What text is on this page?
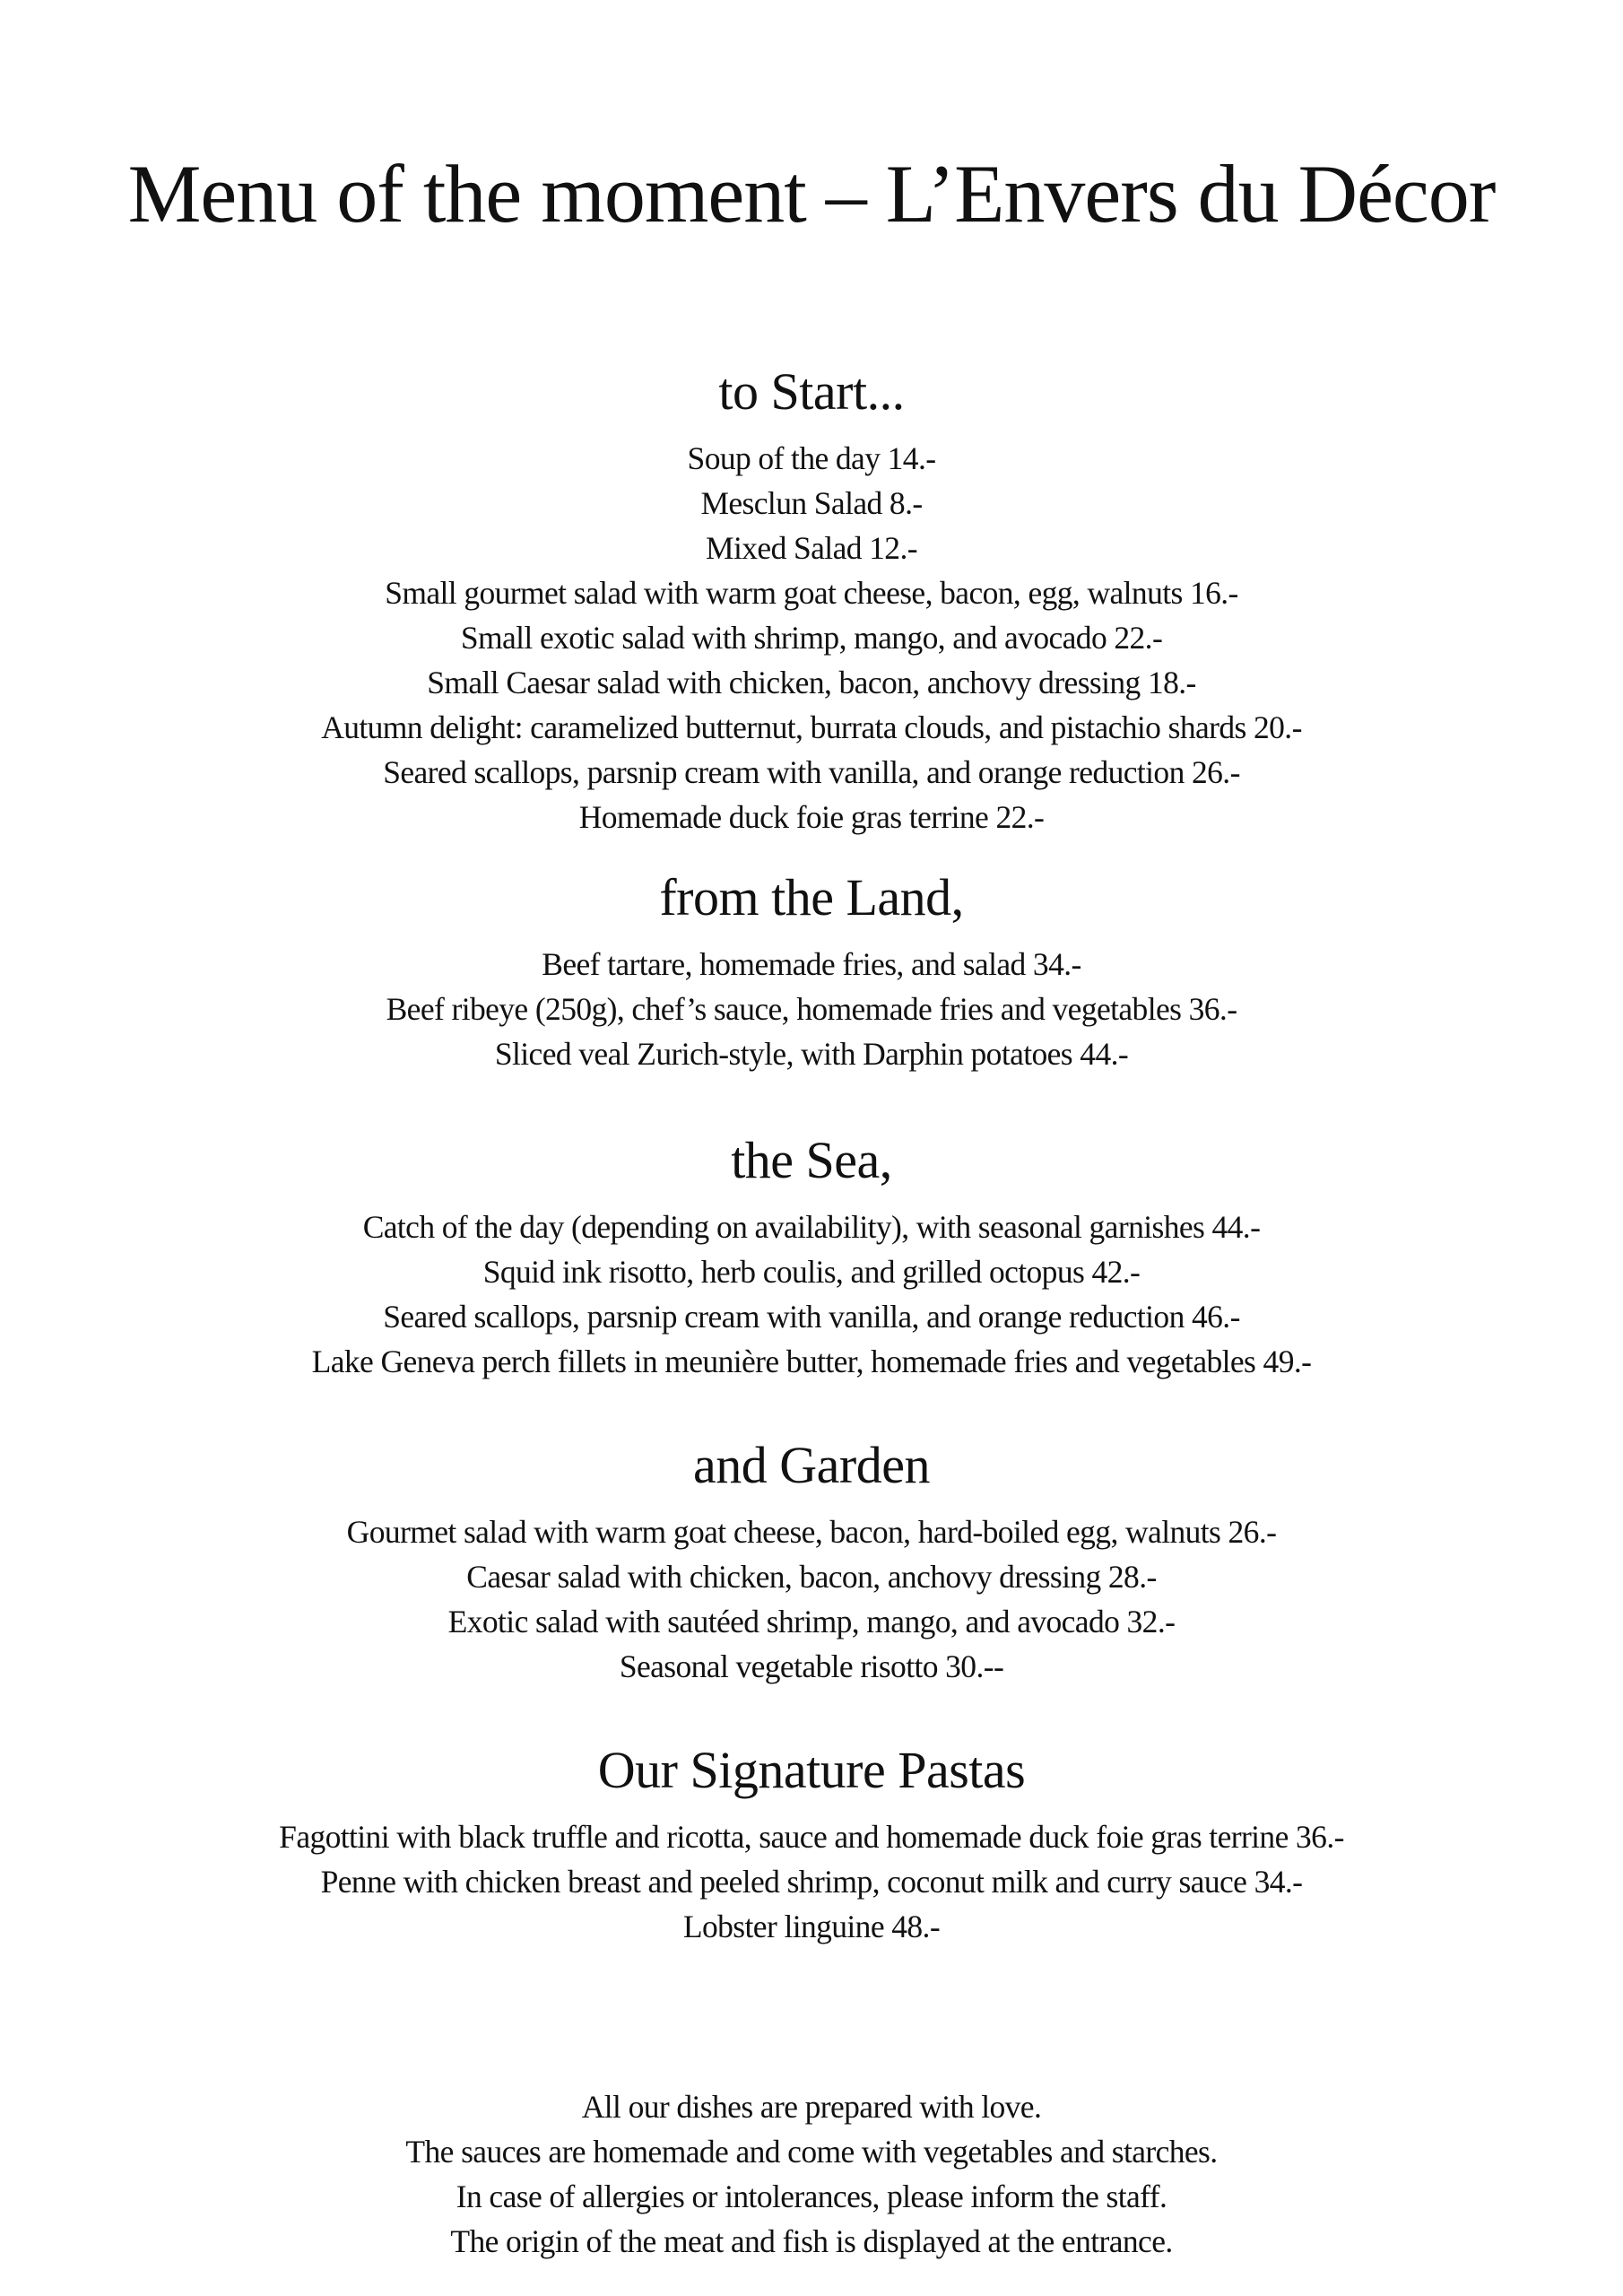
Menu of the moment – L’Envers du Décor
to Start...
Soup of the day 14.-
Mesclun Salad 8.-
Mixed Salad 12.-
Small gourmet salad with warm goat cheese, bacon, egg, walnuts 16.-
Small exotic salad with shrimp, mango, and avocado 22.-
Small Caesar salad with chicken, bacon, anchovy dressing 18.-
Autumn delight: caramelized butternut, burrata clouds, and pistachio shards 20.-
Seared scallops, parsnip cream with vanilla, and orange reduction 26.-
Homemade duck foie gras terrine 22.-
from the Land,
Beef tartare, homemade fries, and salad 34.-
Beef ribeye (250g), chef’s sauce, homemade fries and vegetables 36.-
Sliced veal Zurich-style, with Darphin potatoes 44.-
the Sea,
Catch of the day (depending on availability), with seasonal garnishes 44.-
Squid ink risotto, herb coulis, and grilled octopus 42.-
Seared scallops, parsnip cream with vanilla, and orange reduction 46.-
Lake Geneva perch fillets in meunière butter, homemade fries and vegetables 49.-
and Garden
Gourmet salad with warm goat cheese, bacon, hard-boiled egg, walnuts 26.-
Caesar salad with chicken, bacon, anchovy dressing 28.-
Exotic salad with sautéed shrimp, mango, and avocado 32.-
Seasonal vegetable risotto 30.--
Our Signature Pastas
Fagottini with black truffle and ricotta, sauce and homemade duck foie gras terrine 36.-
Penne with chicken breast and peeled shrimp, coconut milk and curry sauce 34.-
Lobster linguine 48.-
All our dishes are prepared with love.
The sauces are homemade and come with vegetables and starches.
In case of allergies or intolerances, please inform the staff.
The origin of the meat and fish is displayed at the entrance.
